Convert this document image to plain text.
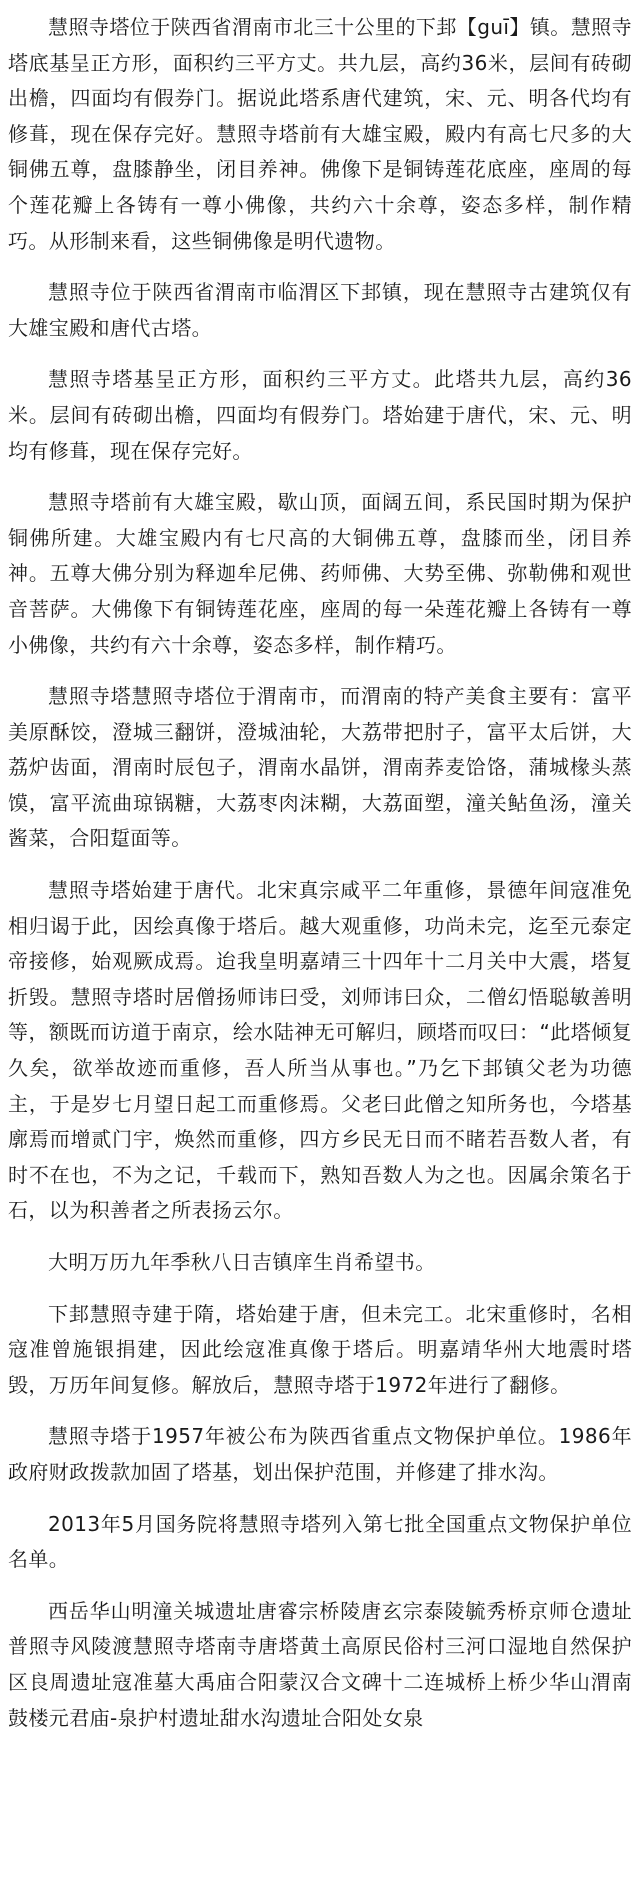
慧照寺塔位于陕西省渭南市北三十公里的下邽【guī】镇。慧照寺塔底基呈正方形，面积约三平方丈。共九层，高约36米，层间有砖砌出檐，四面均有假券门。据说此塔系唐代建筑，宋、元、明各代均有修葺，现在保存完好。慧照寺塔前有大雄宝殿，殿内有高七尺多的大铜佛五尊，盘膝静坐，闭目养神。佛像下是铜铸莲花底座，座周的每个莲花瓣上各铸有一尊小佛像，共约六十余尊，姿态多样，制作精巧。从形制来看，这些铜佛像是明代遗物。

慧照寺位于陕西省渭南市临渭区下邽镇，现在慧照寺古建筑仅有大雄宝殿和唐代古塔。

慧照寺塔基呈正方形，面积约三平方丈。此塔共九层，高约36米。层间有砖砌出檐，四面均有假券门。塔始建于唐代，宋、元、明均有修葺，现在保存完好。

慧照寺塔前有大雄宝殿，歇山顶，面阔五间，系民国时期为保护铜佛所建。大雄宝殿内有七尺高的大铜佛五尊，盘膝而坐，闭目养神。五尊大佛分别为释迦牟尼佛、药师佛、大势至佛、弥勒佛和观世音菩萨。大佛像下有铜铸莲花座，座周的每一朵莲花瓣上各铸有一尊小佛像，共约有六十余尊，姿态多样，制作精巧。

慧照寺塔慧照寺塔位于渭南市，而渭南的特产美食主要有：富平美原酥饺，澄城三翻饼，澄城油轮，大荔带把肘子，富平太后饼，大荔炉齿面，渭南时辰包子，渭南水晶饼，渭南荞麦饸饹，蒲城椽头蒸馍，富平流曲琼锅糖，大荔枣肉沫糊，大荔面塑，潼关鲇鱼汤，潼关酱菜，合阳踅面等。

慧照寺塔始建于唐代。北宋真宗咸平二年重修，景德年间寇准免相归谒于此，因绘真像于塔后。越大观重修，功尚未完，迄至元泰定帝接修，始观厥成焉。迨我皇明嘉靖三十四年十二月关中大震，塔复折毁。慧照寺塔时居僧扬师讳曰受，刘师讳曰众，二僧幻悟聪敏善明等，额既而访道于南京，绘水陆神无可解归，顾塔而叹曰：“此塔倾复久矣，欲举故迹而重修，吾人所当从事也。”乃乞下邽镇父老为功德主，于是岁七月望日起工而重修焉。父老曰此僧之知所务也，今塔基廓焉而增贰门宇，焕然而重修，四方乡民无日而不睹若吾数人者，有时不在也，不为之记，千载而下，熟知吾数人为之也。因属余策名于石，以为积善者之所表扬云尔。

大明万历九年季秋八日吉镇庠生肖希望书。

下邽慧照寺建于隋，塔始建于唐，但未完工。北宋重修时，名相寇准曾施银捐建，因此绘寇准真像于塔后。明嘉靖华州大地震时塔毁，万历年间复修。解放后，慧照寺塔于1972年进行了翻修。

慧照寺塔于1957年被公布为陕西省重点文物保护单位。1986年政府财政拨款加固了塔基，划出保护范围，并修建了排水沟。

2013年5月国务院将慧照寺塔列入第七批全国重点文物保护单位名单。

西岳华山明潼关城遗址唐睿宗桥陵唐玄宗泰陵毓秀桥京师仓遗址普照寺风陵渡慧照寺塔南寺唐塔黄土高原民俗村三河口湿地自然保护区良周遗址寇准墓大禹庙合阳蒙汉合文碑十二连城桥上桥少华山渭南鼓楼元君庙-泉护村遗址甜水沟遗址合阳处女泉
